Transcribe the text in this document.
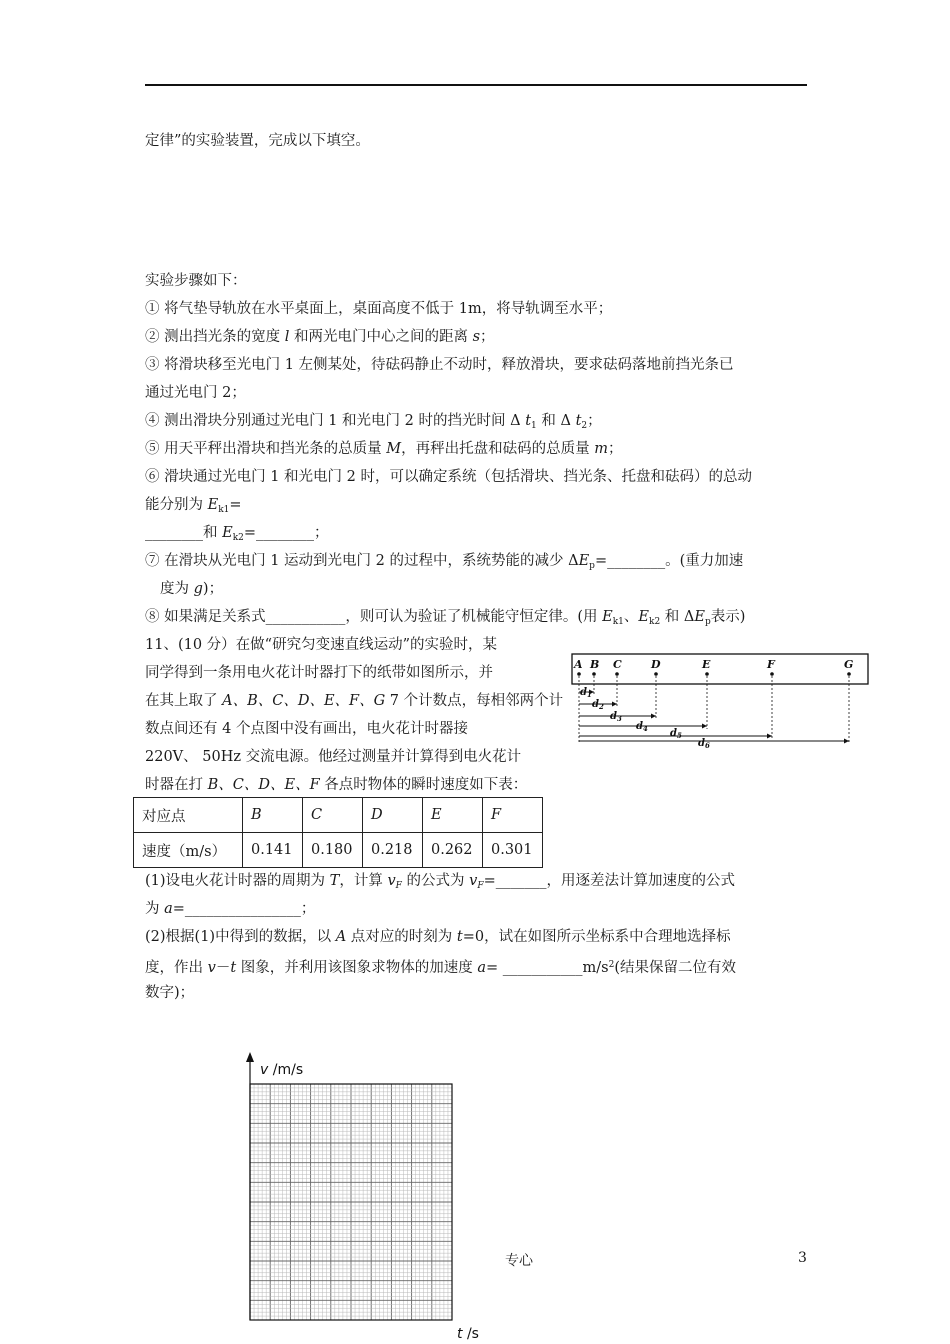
定律”的实验装置，完成以下填空。
实验步骤如下：
① 将气垫导轨放在水平桌面上，桌面高度不低于 1m，将导轨调至水平；
② 测出挡光条的宽度 l 和两光电门中心之间的距离 s；
③ 将滑块移至光电门 1 左侧某处，待砝码静止不动时，释放滑块，要求砝码落地前挡光条已
通过光电门 2；
④ 测出滑块分别通过光电门 1 和光电门 2 时的挡光时间 Δ $t_1$ 和 Δ $t_2$；
⑤ 用天平秤出滑块和挡光条的总质量 M，再秤出托盘和砝码的总质量 m；
⑥ 滑块通过光电门 1 和光电门 2 时，可以确定系统（包括滑块、挡光条、托盘和砝码）的总动
能分别为 $E_{k1}=$
________和 $E_{k2}=\_\_\_\_\_\_\_\_$；
⑦ 在滑块从光电门 1 运动到光电门 2 的过程中，系统势能的减少 $\Delta E_p=\_\_\_\_\_\_\_\_$。(重力加速
度为 g)；
⑧ 如果满足关系式___________，则可认为验证了机械能守恒定律。(用 $E_{k1}$、$E_{k2}$ 和 $\Delta E_p$表示)
11、(10 分）在做“研究匀变速直线运动”的实验时，某
同学得到一条用电火花计时器打下的纸带如图所示，并
在其上取了 A、B、C、D、E、F、G 7 个计数点，每相邻两个计
数点间还有 4 个点图中没有画出，电火花计时器接
220V、 50Hz 交流电源。他经过测量并计算得到电火花计
时器在打 B、C、D、E、F 各点时物体的瞬时速度如下表：
A B C	D	E	F	G
$d_1$
$d_2$
$d_3$
$d_4$ $d_5$
$d_6$
对应点	B	C	D	E	F
速度（m/s）	0.141	0.180	0.218	0.262	0.301
(1)设电火花计时器的周期为 T，计算 $v_F$ 的公式为 $v_F=\_\_\_\_\_\_\_$，用逐差法计算加速度的公式
为 a=________________；
(2)根据(1)中得到的数据，以 A 点对应的时刻为 t=0，试在如图所示坐标系中合理地选择标
度，作出 v－t 图象，并利用该图象求物体的加速度 $a= \_\_\_\_\_\_\_\_\_\_\_m/s^2$(结果保留二位有效
数字)；
v /m/s
t /s
专心	3
